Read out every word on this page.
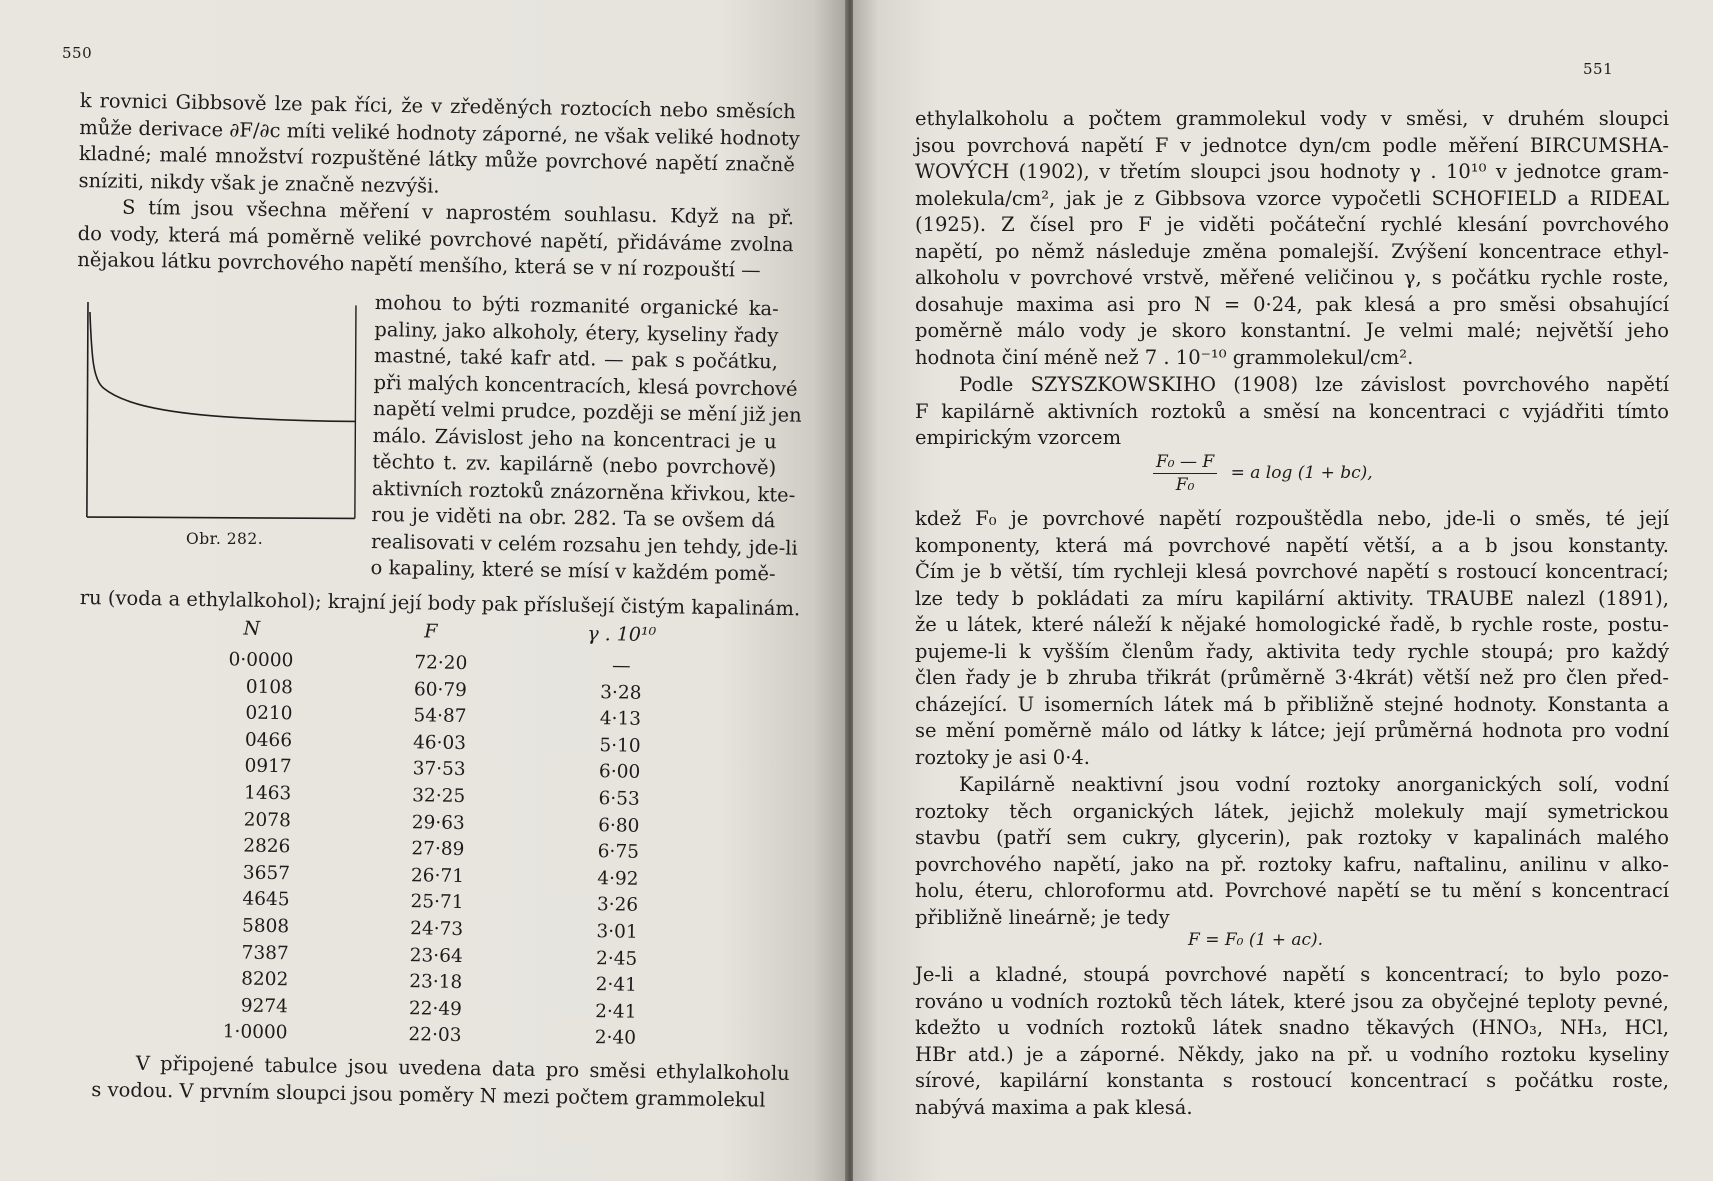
550
k rovnici Gibbsově lze pak říci, že v zředěných roztocích nebo směsích
může derivace ∂F/∂c míti veliké hodnoty záporné, ne však veliké hodnoty
kladné; malé množství rozpuštěné látky může povrchové napětí značně
sníziti, nikdy však je značně nezvýši.
S tím jsou všechna měření v naprostém souhlasu. Když na př.
do vody, která má poměrně veliké povrchové napětí, přidáváme zvolna
nějakou látku povrchového napětí menšího, která se v ní rozpouští —
Obr. 282.
mohou to býti rozmanité organické ka-
paliny, jako alkoholy, étery, kyseliny řady
mastné, také kafr atd. — pak s počátku,
při malých koncentracích, klesá povrchové
napětí velmi prudce, později se mění již jen
málo. Závislost jeho na koncentraci je u
těchto t. zv. kapilárně (nebo povrchově)
aktivních roztoků znázorněna křivkou, kte-
rou je viděti na obr. 282. Ta se ovšem dá
realisovati v celém rozsahu jen tehdy, jde-li
o kapaliny, které se mísí v každém pomě-
ru (voda a ethylalkohol); krajní její body pak příslušejí čistým kapalinám.
N
0·0000
0108
0210
0466
0917
1463
2078
2826
3657
4645
5808
7387
8202
9274
1·0000
F
72·20
60·79
54·87
46·03
37·53
32·25
29·63
27·89
26·71
25·71
24·73
23·64
23·18
22·49
22·03
γ . 10¹⁰
—
3·28
4·13
5·10
6·00
6·53
6·80
6·75
4·92
3·26
3·01
2·45
2·41
2·41
2·40
V připojené tabulce jsou uvedena data pro směsi ethylalkoholu
s vodou. V prvním sloupci jsou poměry N mezi počtem grammolekul
551
ethylalkoholu a počtem grammolekul vody v směsi, v druhém sloupci
jsou povrchová napětí F v jednotce dyn/cm podle měření BIRCUMSHA-
WOVÝCH (1902), v třetím sloupci jsou hodnoty γ . 10¹⁰ v jednotce gram-
molekula/cm², jak je z Gibbsova vzorce vypočetli SCHOFIELD a RIDEAL
(1925). Z čísel pro F je viděti počáteční rychlé klesání povrchového
napětí, po němž následuje změna pomalejší. Zvýšení koncentrace ethyl-
alkoholu v povrchové vrstvě, měřené veličinou γ, s počátku rychle roste,
dosahuje maxima asi pro N = 0·24, pak klesá a pro směsi obsahující
poměrně málo vody je skoro konstantní. Je velmi malé; největší jeho
hodnota činí méně než 7 . 10⁻¹⁰ grammolekul/cm².
Podle SZYSZKOWSKIHO (1908) lze závislost povrchového napětí
F kapilárně aktivních roztoků a směsí na koncentraci c vyjádřiti tímto
empirickým vzorcem
$\frac{\text{F₀ — F}}{\text{F₀}} = a$ log (1 + bc),
kdež F₀ je povrchové napětí rozpouštědla nebo, jde-li o směs, té její
komponenty, která má povrchové napětí větší, a a b jsou konstanty.
Čím je b větší, tím rychleji klesá povrchové napětí s rostoucí koncentrací;
lze tedy b pokládati za míru kapilární aktivity. TRAUBE nalezl (1891),
že u látek, které náleží k nějaké homologické řadě, b rychle roste, postu-
pujeme-li k vyšším členům řady, aktivita tedy rychle stoupá; pro každý
člen řady je b zhruba třikrát (průměrně 3·4krát) větší než pro člen před-
cházející. U isomerních látek má b přibližně stejné hodnoty. Konstanta a
se mění poměrně málo od látky k látce; její průměrná hodnota pro vodní
roztoky je asi 0·4.
Kapilárně neaktivní jsou vodní roztoky anorganických solí, vodní
roztoky těch organických látek, jejichž molekuly mají symetrickou
stavbu (patří sem cukry, glycerin), pak roztoky v kapalinách malého
povrchového napětí, jako na př. roztoky kafru, naftalinu, anilinu v alko-
holu, éteru, chloroformu atd. Povrchové napětí se tu mění s koncentrací
přibližně lineárně; je tedy
F = F₀ (1 + ac).
Je-li a kladné, stoupá povrchové napětí s koncentrací; to bylo pozo-
rováno u vodních roztoků těch látek, které jsou za obyčejné teploty pevné,
kdežto u vodních roztoků látek snadno těkavých (HNO₃, NH₃, HCl,
HBr atd.) je a záporné. Někdy, jako na př. u vodního roztoku kyseliny
sírové, kapilární konstanta s rostoucí koncentrací s počátku roste,
nabývá maxima a pak klesá.
